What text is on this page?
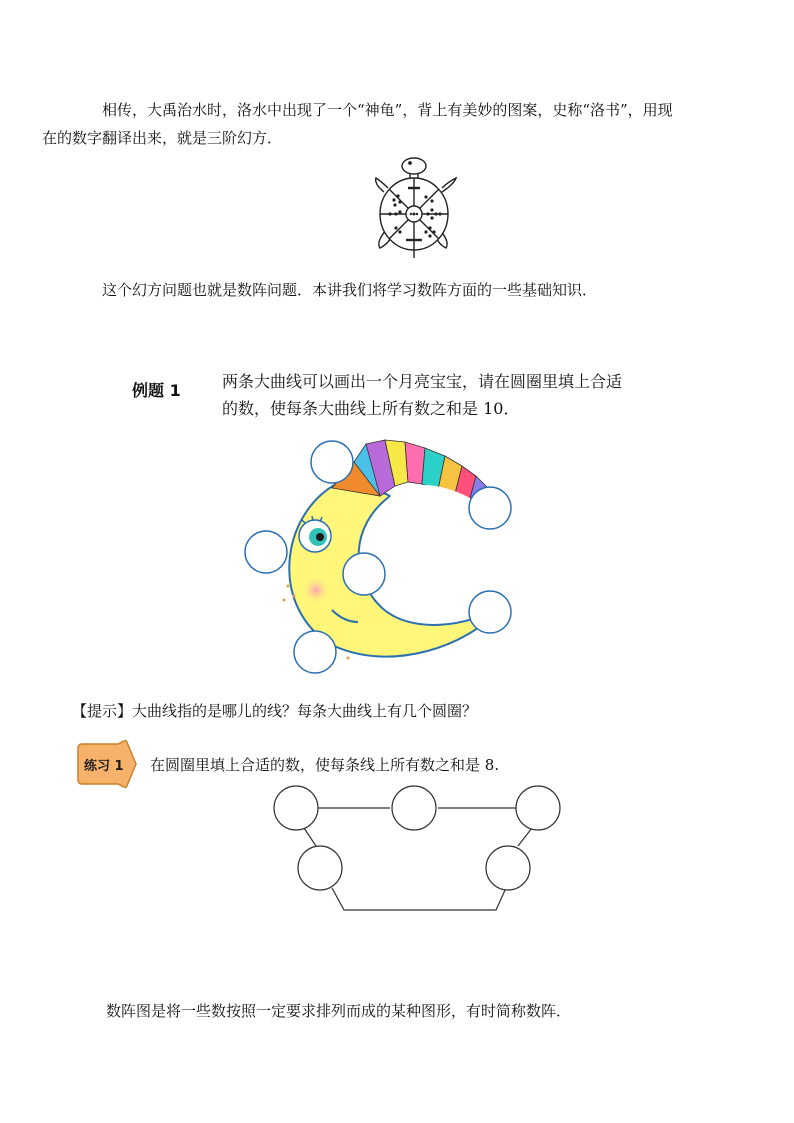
相传，大禹治水时，洛水中出现了一个“神龟”，背上有美妙的图案，史称“洛书”，用现
在的数字翻译出来，就是三阶幻方．
这个幻方问题也就是数阵问题．本讲我们将学习数阵方面的一些基础知识．
例题 1	两条大曲线可以画出一个月亮宝宝，请在圆圈里填上合适
的数，使每条大曲线上所有数之和是 10．
【提示】大曲线指的是哪儿的线？每条大曲线上有几个圆圈？
练习 1 在圆圈里填上合适的数，使每条线上所有数之和是 8.
数阵图是将一些数按照一定要求排列而成的某种图形，有时简称数阵．
